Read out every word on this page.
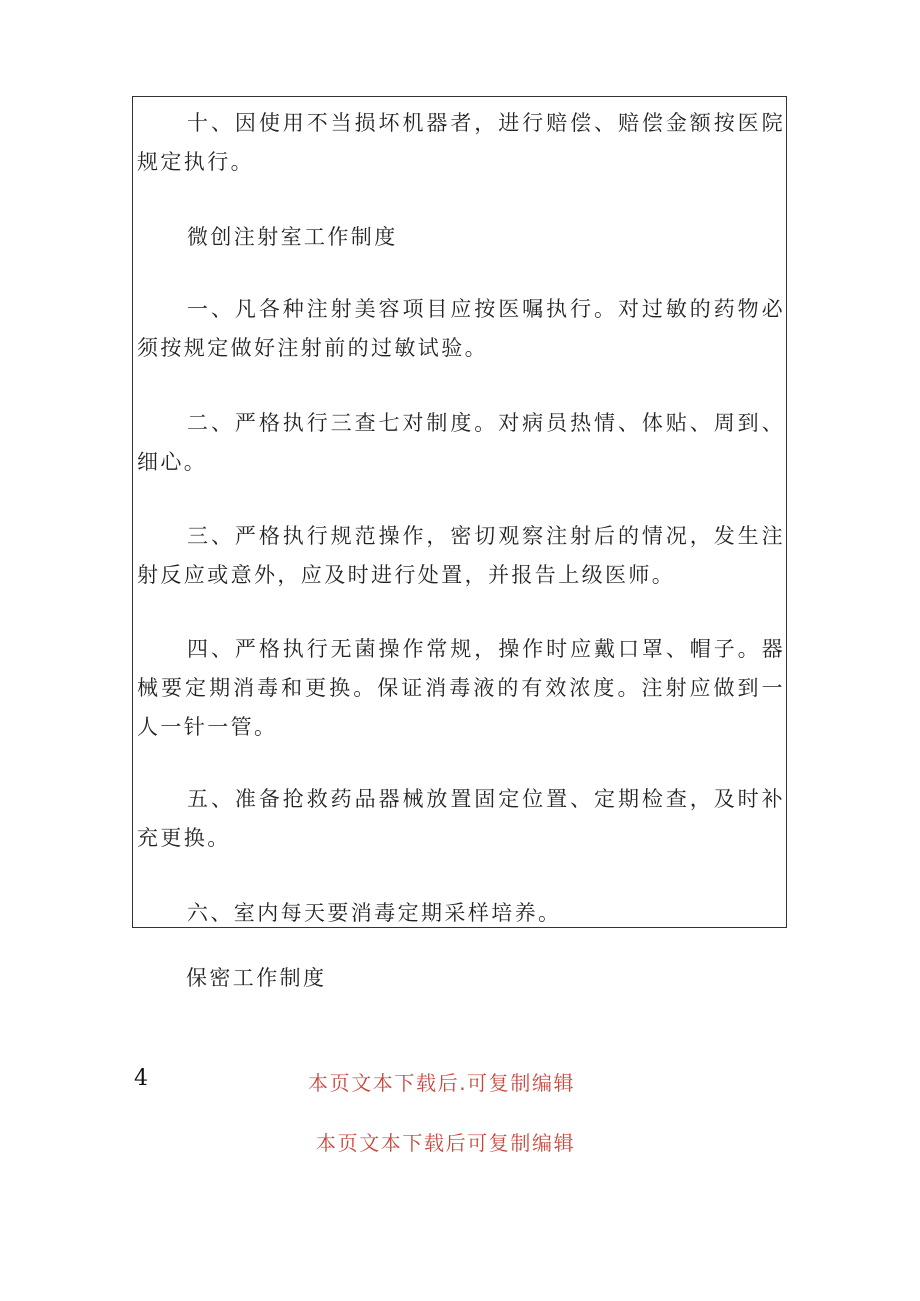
十、因使用不当损坏机器者，进行赔偿、赔偿金额按医院规定执行。

微创注射室工作制度

一、凡各种注射美容项目应按医嘱执行。对过敏的药物必须按规定做好注射前的过敏试验。

二、严格执行三查七对制度。对病员热情、体贴、周到、细心。

三、严格执行规范操作，密切观察注射后的情况，发生注射反应或意外，应及时进行处置，并报告上级医师。

四、严格执行无菌操作常规，操作时应戴口罩、帽子。器械要定期消毒和更换。保证消毒液的有效浓度。注射应做到一人一针一管。

五、准备抢救药品器械放置固定位置、定期检查，及时补充更换。

六、室内每天要消毒定期采样培养。

保密工作制度
4	本页文本下载后.可复制编辑
本页文本下载后可复制编辑
